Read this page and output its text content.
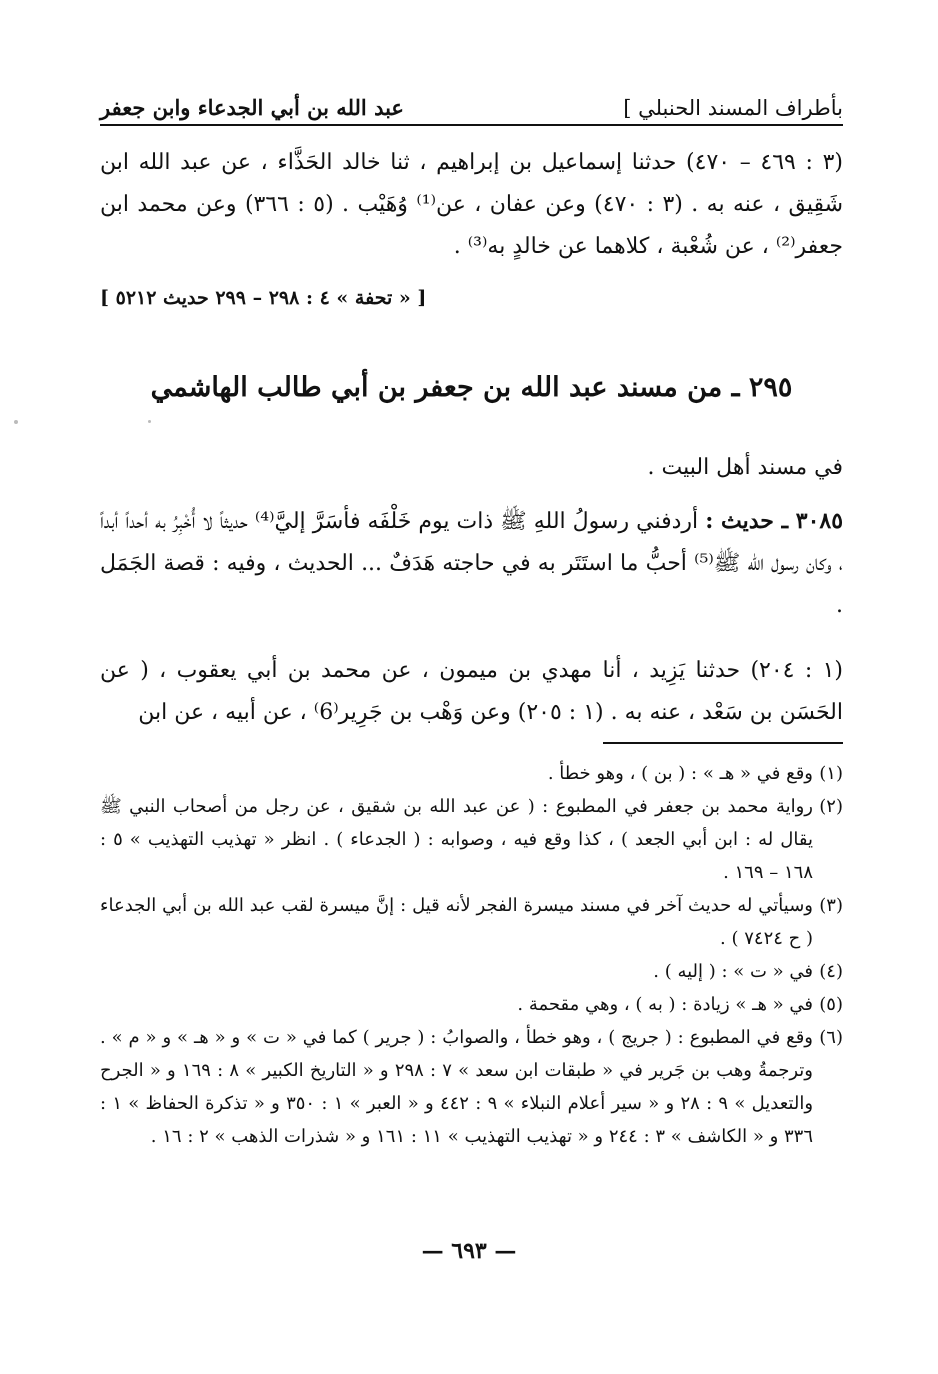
بأطراف المسند الحنبلي ]
عبد الله بن أبي الجدعاء وابن جعفر

(٣ : ٤٦٩ – ٤٧٠) حدثنا إسماعيل بن إبراهيم ، ثنا خالد الحَذَّاء ، عن عبد الله ابن شَقِيق ، عنه به . (٣ : ٤٧٠) وعن عفان ، عن⁽¹⁾ وُهَيْب . (٥ : ٣٦٦) وعن محمد ابن جعفر⁽²⁾ ، عن شُعْبة ، كلاهما عن خالدٍ به⁽³⁾ .

[ « تحفة » ٤ : ٢٩٨ – ٢٩٩ حديث ٥٢١٢ ]
٢٩٥ ـ من مسند عبد الله بن جعفر بن أبي طالب الهاشمي

في مسند أهل البيت .

٣٠٨٥ ـ حديث : أردفني رسولُ اللهِ ﷺ ذات يوم خَلْفَه فأسَرَّ إليَّ⁽⁴⁾ حديثاً لا أُخْبِرُ به أحداً أبداً ، وكان رسول الله ﷺ⁽⁵⁾ أحبُّ ما استَتَر به في حاجته هَدَفٌ ... الحديث ، وفيه : قصة الجَمَل .

(١ : ٢٠٤) حدثنا يَزِيد ، أنا مهدي بن ميمون ، عن محمد بن أبي يعقوب ، ( عن الحَسَن بن سَعْد ، عنه به . (١ : ٢٠٥) وعن وَهْب بن جَرِير⁽6⁾ ، عن أبيه ، عن ابن

(١)
وقع في « هـ » : ( بن ) ، وهو خطأ .
(٢)
رواية محمد بن جعفر في المطبوع : ( عن عبد الله بن شقيق ، عن رجل من أصحاب النبي ﷺ يقال له : ابن أبي الجعد ) ، كذا وقع فيه ، وصوابه : ( الجدعاء ) . انظر « تهذيب التهذيب » ٥ : ١٦٨ – ١٦٩ .
(٣)
وسيأتي له حديث آخر في مسند ميسرة الفجر لأنه قيل : إنَّ ميسرة لقب عبد الله بن أبي الجدعاء ( ح ٧٤٢٤ ) .
(٤)
في « ت » : ( إليه ) .
(٥)
في « هـ » زيادة : ( به ) ، وهي مقحمة .
(٦)
وقع في المطبوع : ( جريج ) ، وهو خطأ ، والصوابُ : ( جرير ) كما في « ت » و « هـ » و « م » . وترجمةُ وهب بن جَرير في « طبقات ابن سعد » ٧ : ٢٩٨ و « التاريخ الكبير » ٨ : ١٦٩ و « الجرح والتعديل » ٩ : ٢٨ و « سير أعلام النبلاء » ٩ : ٤٤٢ و « العبر » ١ : ٣٥٠ و « تذكرة الحفاظ » ١ : ٣٣٦ و « الكاشف » ٣ : ٢٤٤ و « تهذيب التهذيب » ١١ : ١٦١ و « شذرات الذهب » ٢ : ١٦ .
— ٦٩٣ —
